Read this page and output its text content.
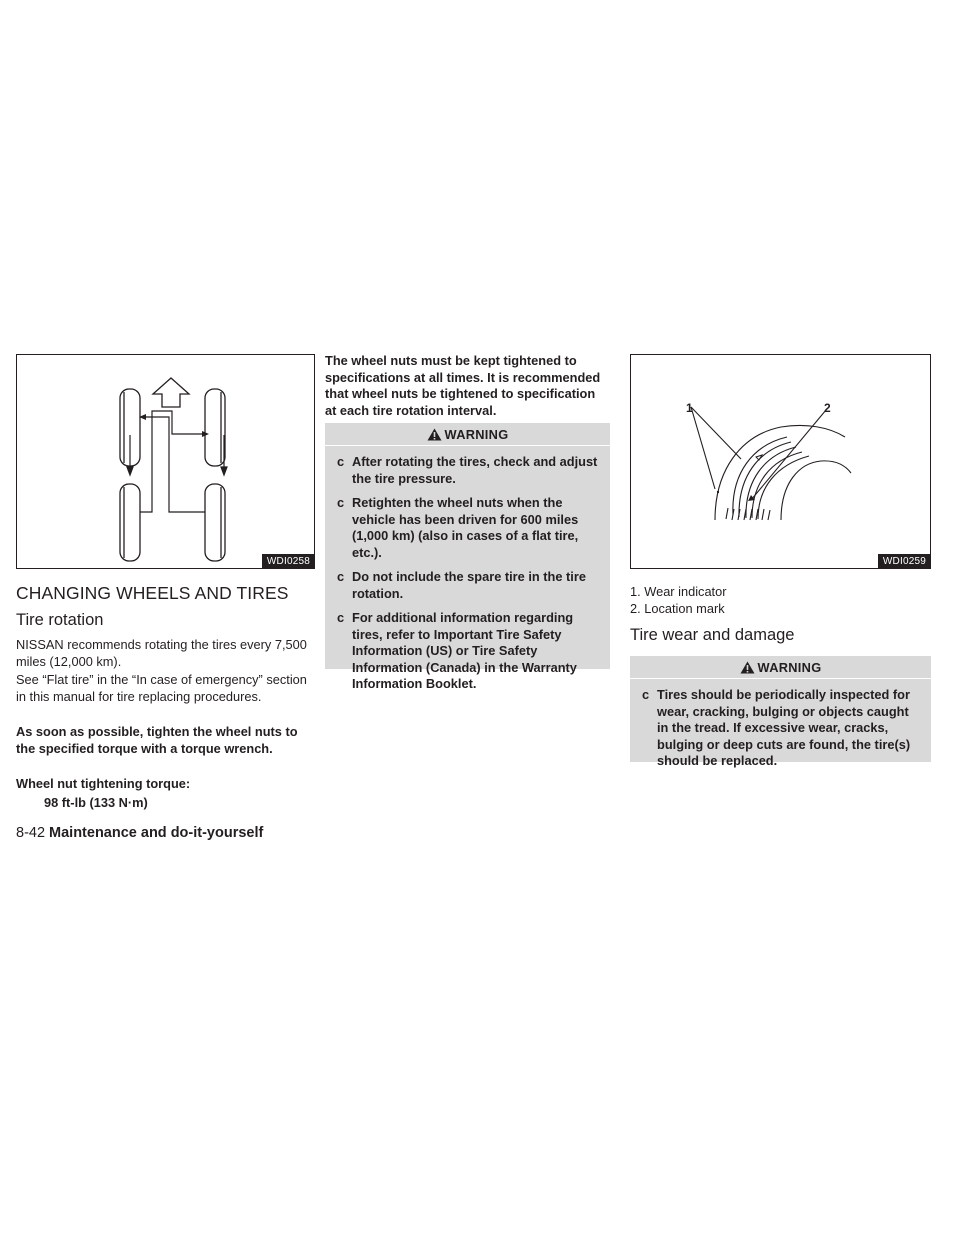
WDI0258
CHANGING WHEELS AND TIRES
Tire rotation

NISSAN recommends rotating the tires every 7,500 miles (12,000 km).

See “Flat tire” in the “In case of emergency” section in this manual for tire replacing procedures.

As soon as possible, tighten the wheel nuts to the specified torque with a torque wrench.

Wheel nut tightening torque:

98 ft-lb (133 N·m)

The wheel nuts must be kept tightened to specifications at all times. It is recommended that wheel nuts be tightened to specification at each tire rotation interval.

WARNING
c After rotating the tires, check and adjust the tire pressure.
c Retighten the wheel nuts when the vehicle has been driven for 600 miles (1,000 km) (also in cases of a flat tire, etc.).
c Do not include the spare tire in the tire rotation.
c For additional information regarding tires, refer to Important Tire Safety Information (US) or Tire Safety Information (Canada) in the Warranty Information Booklet.
1	2
WDI0259
1. Wear indicator
2. Location mark
Tire wear and damage
WARNING
c Tires should be periodically inspected for wear, cracking, bulging or objects caught in the tread. If excessive wear, cracks, bulging or deep cuts are found, the tire(s) should be replaced.
8-42 Maintenance and do-it-yourself
